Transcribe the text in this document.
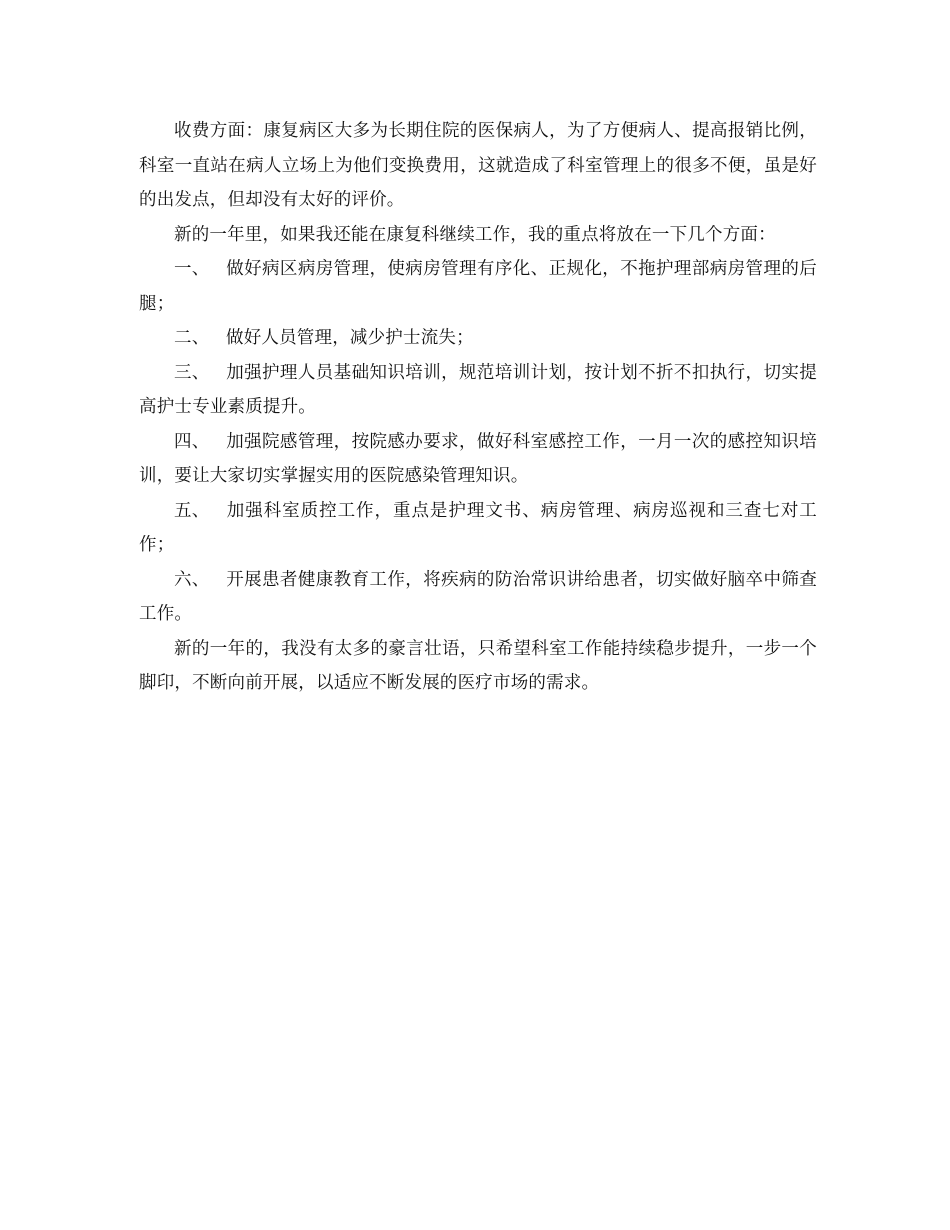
收费方面：康复病区大多为长期住院的医保病人，为了方便病人、提高报销比例，科室一直站在病人立场上为他们变换费用，这就造成了科室管理上的很多不便，虽是好的出发点，但却没有太好的评价。

新的一年里，如果我还能在康复科继续工作，我的重点将放在一下几个方面：

一、 做好病区病房管理，使病房管理有序化、正规化，不拖护理部病房管理的后腿；

二、 做好人员管理，减少护士流失；

三、 加强护理人员基础知识培训，规范培训计划，按计划不折不扣执行，切实提高护士专业素质提升。

四、 加强院感管理，按院感办要求，做好科室感控工作，一月一次的感控知识培训，要让大家切实掌握实用的医院感染管理知识。

五、 加强科室质控工作，重点是护理文书、病房管理、病房巡视和三查七对工作；

六、 开展患者健康教育工作，将疾病的防治常识讲给患者，切实做好脑卒中筛查工作。

新的一年的，我没有太多的豪言壮语，只希望科室工作能持续稳步提升，一步一个脚印，不断向前开展，以适应不断发展的医疗市场的需求。
